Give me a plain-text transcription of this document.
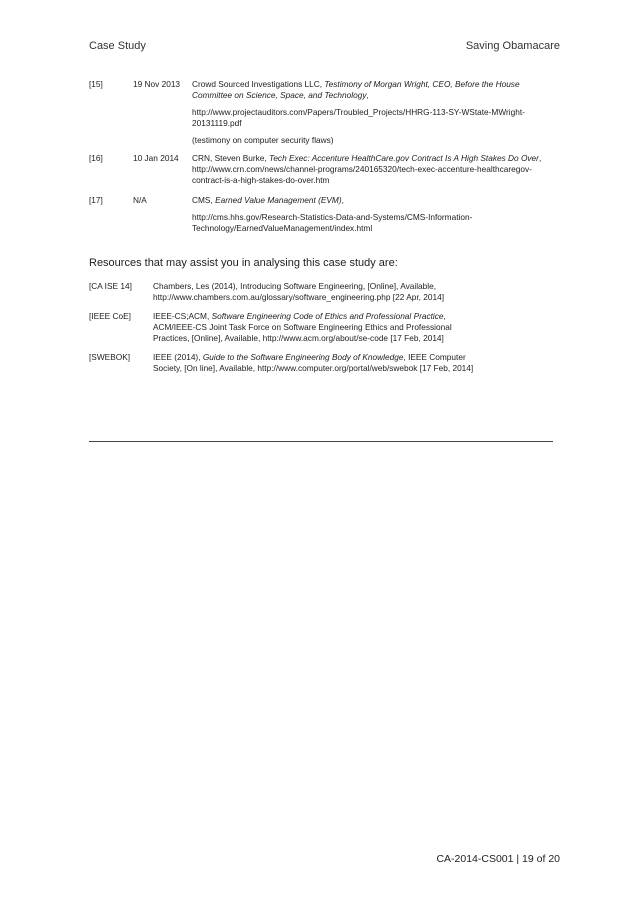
Case Study	Saving Obamacare
[15]	19 Nov 2013	Crowd Sourced Investigations LLC, Testimony of Morgan Wright, CEO, Before the House Committee on Science, Space, and Technology,

http://www.projectauditors.com/Papers/Troubled_Projects/HHRG-113-SY-WState-MWright-20131119.pdf

(testimony on computer security flaws)

[16]	10 Jan 2014	CRN, Steven Burke, Tech Exec: Accenture HealthCare.gov Contract Is A High Stakes Do Over,
http://www.crn.com/news/channel-programs/240165320/tech-exec-accenture-healthcaregov-contract-is-a-high-stakes-do-over.htm

[17]	N/A	CMS, Earned Value Management (EVM),

http://cms.hhs.gov/Research-Statistics-Data-and-Systems/CMS-Information-Technology/EarnedValueManagement/index.html

Resources that may assist you in analysing this case study are:
[CA ISE 14]	Chambers, Les (2014), Introducing Software Engineering, [Online], Available, http://www.chambers.com.au/glossary/software_engineering.php [22 Apr, 2014]
[IEEE CoE]	IEEE-CS;ACM, Software Engineering Code of Ethics and Professional Practice, ACM/IEEE-CS Joint Task Force on Software Engineering Ethics and Professional Practices, [Online], Available, http://www.acm.org/about/se-code [17 Feb, 2014]
[SWEBOK]	IEEE (2014), Guide to the Software Engineering Body of Knowledge, IEEE Computer Society, [On line], Available, http://www.computer.org/portal/web/swebok [17 Feb, 2014]
CA-2014-CS001 | 19 of 20
